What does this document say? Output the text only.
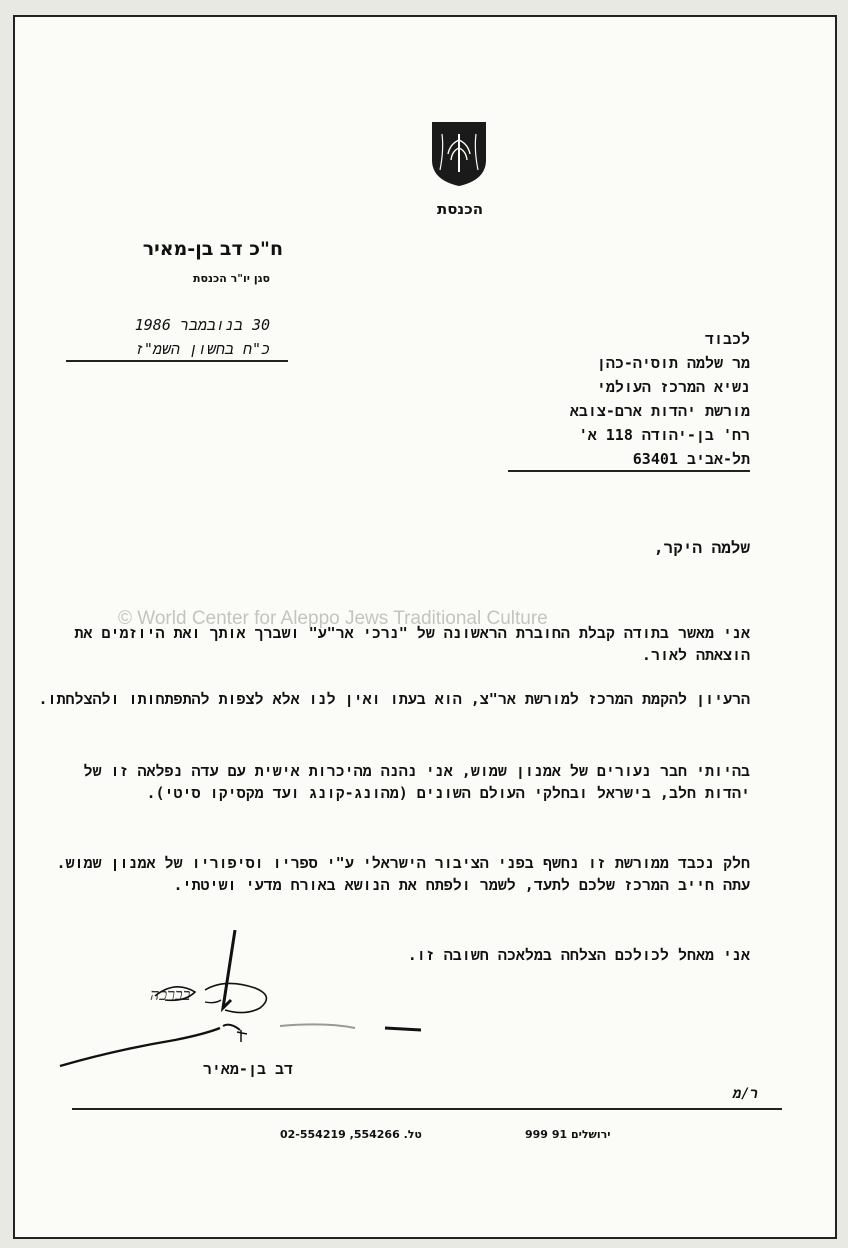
הכנסת
ח"כ דב בן-מאיר
סגן יו"ר הכנסת
30 בנובמבר 1986
כ"ח בחשון השמ"ז
לכבוד
מר שלמה תוסיה-כהן
נשיא המרכז העולמי
מורשת יהדות ארם-צובא
רח' בן-יהודה 118 א'
תל-אביב 63401
שלמה היקר,
אני מאשר בתודה קבלת החוברת הראשונה של "נרכי אר"ע" ושברך אותך ואת היוזמים את הוצאתה לאור.
הרעיון להקמת המרכז למורשת אר"צ, הוא בעתו ואין לנו אלא לצפות להתפתחותו ולהצלחתו.
בהיותי חבר נעורים של אמנון שמוש, אני נהנה מהיכרות אישית עם עדה נפלאה זו של יהדות חלב, בישראל ובחלקי העולם השונים (מהונג-קונג ועד מקסיקו סיטי).
חלק נכבד ממורשת זו נחשף בפני הציבור הישראלי ע"י ספריו וסיפוריו של אמנון שמוש. עתה חייב המרכז שלכם לתעד, לשמר ולפתח את הנושא באורח מדעי ושיטתי.
אני מאחל לכולכם הצלחה במלאכה חשובה זו.
© World Center for Aleppo Jews Traditional Culture
בברכה
דב בן-מאיר
ר/מ
ירושלים 91 999
טל. 554266, 02-554219
